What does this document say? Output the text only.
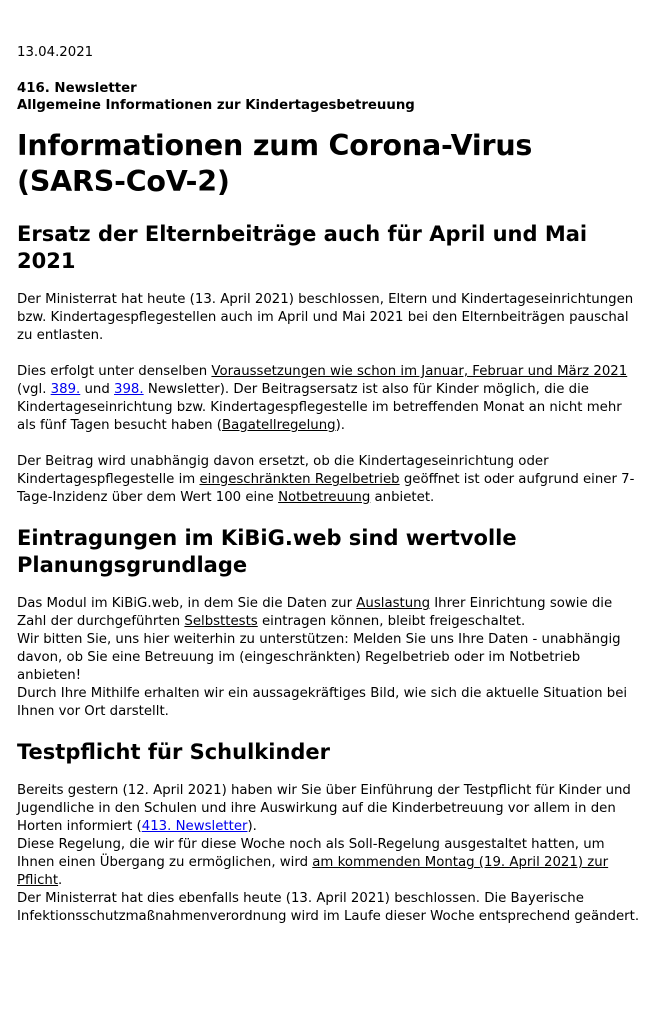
13.04.2021
416. Newsletter
Allgemeine Informationen zur Kindertagesbetreuung
Informationen zum Corona-Virus (SARS-CoV-2)
Ersatz der Elternbeiträge auch für April und Mai 2021

Der Ministerrat hat heute (13. April 2021) beschlossen, Eltern und Kindertageseinrichtungen bzw. Kindertagespflegestellen auch im April und Mai 2021 bei den Elternbeiträgen pauschal zu entlasten.

Dies erfolgt unter denselben Voraussetzungen wie schon im Januar, Februar und März 2021 (vgl. 389. und 398. Newsletter). Der Beitragsersatz ist also für Kinder möglich, die die Kindertageseinrichtung bzw. Kindertagespflegestelle im betreffenden Monat an nicht mehr als fünf Tagen besucht haben (Bagatellregelung).

Der Beitrag wird unabhängig davon ersetzt, ob die Kindertageseinrichtung oder Kindertagespflegestelle im eingeschränkten Regelbetrieb geöffnet ist oder aufgrund einer 7-Tage-Inzidenz über dem Wert 100 eine Notbetreuung anbietet.

Eintragungen im KiBiG.web sind wertvolle Planungsgrundlage

Das Modul im KiBiG.web, in dem Sie die Daten zur Auslastung Ihrer Einrichtung sowie die Zahl der durchgeführten Selbsttests eintragen können, bleibt freigeschaltet.
Wir bitten Sie, uns hier weiterhin zu unterstützen: Melden Sie uns Ihre Daten - unabhängig davon, ob Sie eine Betreuung im (eingeschränkten) Regelbetrieb oder im Notbetrieb anbieten!
Durch Ihre Mithilfe erhalten wir ein aussagekräftiges Bild, wie sich die aktuelle Situation bei Ihnen vor Ort darstellt.

Testpflicht für Schulkinder

Bereits gestern (12. April 2021) haben wir Sie über Einführung der Testpflicht für Kinder und Jugendliche in den Schulen und ihre Auswirkung auf die Kinderbetreuung vor allem in den Horten informiert (413. Newsletter).
Diese Regelung, die wir für diese Woche noch als Soll-Regelung ausgestaltet hatten, um Ihnen einen Übergang zu ermöglichen, wird am kommenden Montag (19. April 2021) zur Pflicht.
Der Ministerrat hat dies ebenfalls heute (13. April 2021) beschlossen. Die Bayerische Infektionsschutzmaßnahmenverordnung wird im Laufe dieser Woche entsprechend geändert.
